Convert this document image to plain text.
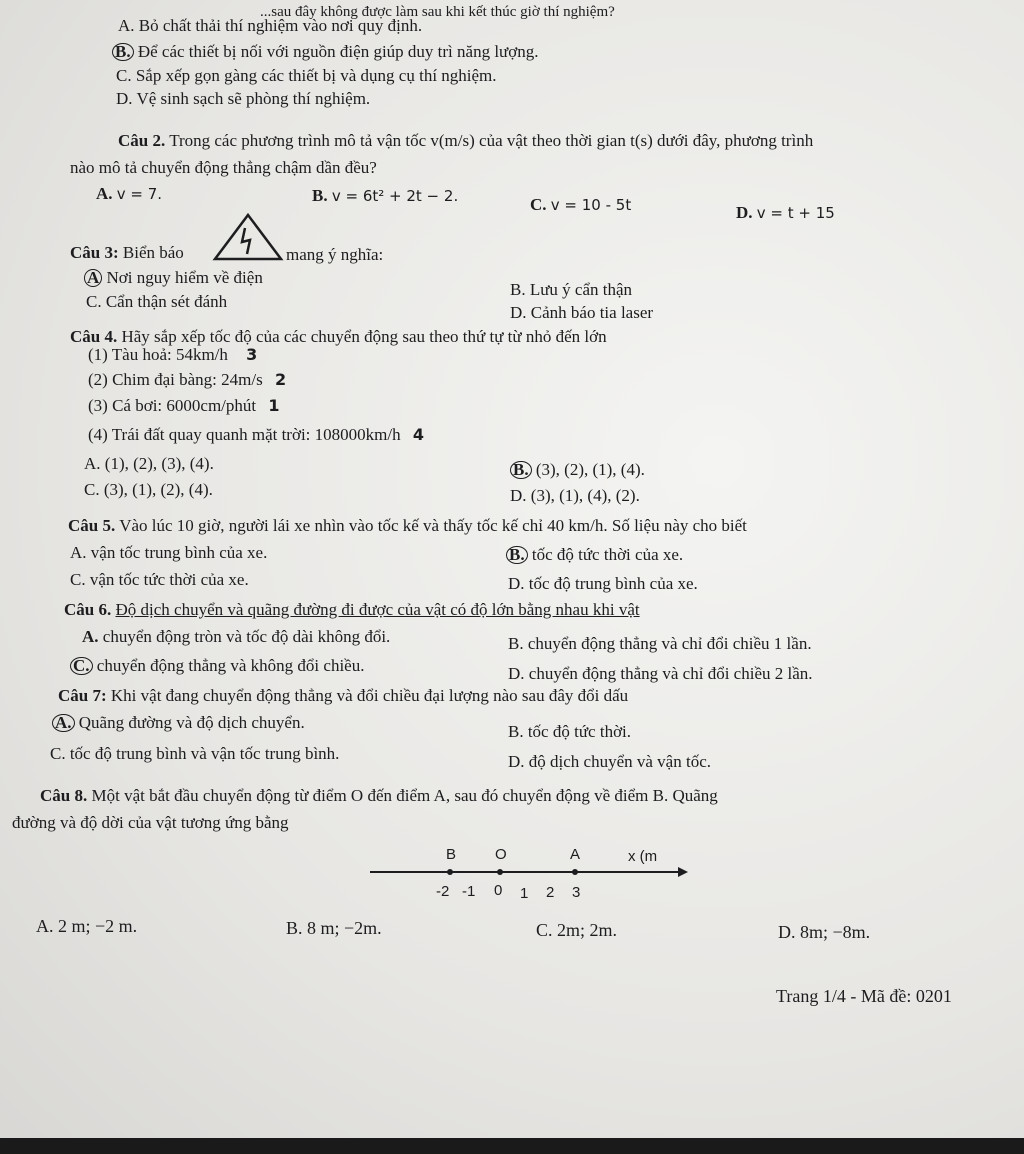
...sau đây không được làm sau khi kết thúc giờ thí nghiệm?
A. Bỏ chất thải thí nghiệm vào nơi quy định.
B. Để các thiết bị nối với nguồn điện giúp duy trì năng lượng.
C. Sắp xếp gọn gàng các thiết bị và dụng cụ thí nghiệm.
D. Vệ sinh sạch sẽ phòng thí nghiệm.
Câu 2. Trong các phương trình mô tả vận tốc v(m/s) của vật theo thời gian t(s) dưới đây, phương trình
nào mô tả chuyển động thẳng chậm dần đều?
A. v = 7.	B. v = 6t² + 2t − 2.	C. v = 10 - 5t	D. v = t + 15
Câu 3: Biển báo	mang ý nghĩa:
A Nơi nguy hiểm về điện
B. Lưu ý cẩn thận
C. Cẩn thận sét đánh
D. Cảnh báo tia laser
Câu 4. Hãy sắp xếp tốc độ của các chuyển động sau theo thứ tự từ nhỏ đến lớn
(1) Tàu hoả: 54km/h 3
(2) Chim đại bàng: 24m/s 2
(3) Cá bơi: 6000cm/phút 1
(4) Trái đất quay quanh mặt trời: 108000km/h 4
A. (1), (2), (3), (4).	B. (3), (2), (1), (4).
C. (3), (1), (2), (4).	D. (3), (1), (4), (2).
Câu 5. Vào lúc 10 giờ, người lái xe nhìn vào tốc kế và thấy tốc kế chỉ 40 km/h. Số liệu này cho biết
A. vận tốc trung bình của xe.	B. tốc độ tức thời của xe.
C. vận tốc tức thời của xe.	D. tốc độ trung bình của xe.
Câu 6. Độ dịch chuyển và quãng đường đi được của vật có độ lớn bằng nhau khi vật
A. chuyển động tròn và tốc độ dài không đổi.	B. chuyển động thẳng và chỉ đổi chiều 1 lần.
C. chuyển động thẳng và không đổi chiều.	D. chuyển động thẳng và chỉ đổi chiều 2 lần.
Câu 7: Khi vật đang chuyển động thẳng và đổi chiều đại lượng nào sau đây đổi dấu
A. Quãng đường và độ dịch chuyển.	B. tốc độ tức thời.
C. tốc độ trung bình và vận tốc trung bình.	D. độ dịch chuyển và vận tốc.
Câu 8. Một vật bắt đầu chuyển động từ điểm O đến điểm A, sau đó chuyển động về điểm B. Quãng
đường và độ dời của vật tương ứng bằng
B	O	A	x (m
-2 -1 0 1 2 3
A. 2 m; −2 m.	B. 8 m; −2m.	C. 2m; 2m.	D. 8m; −8m.
Trang 1/4 - Mã đề: 0201
